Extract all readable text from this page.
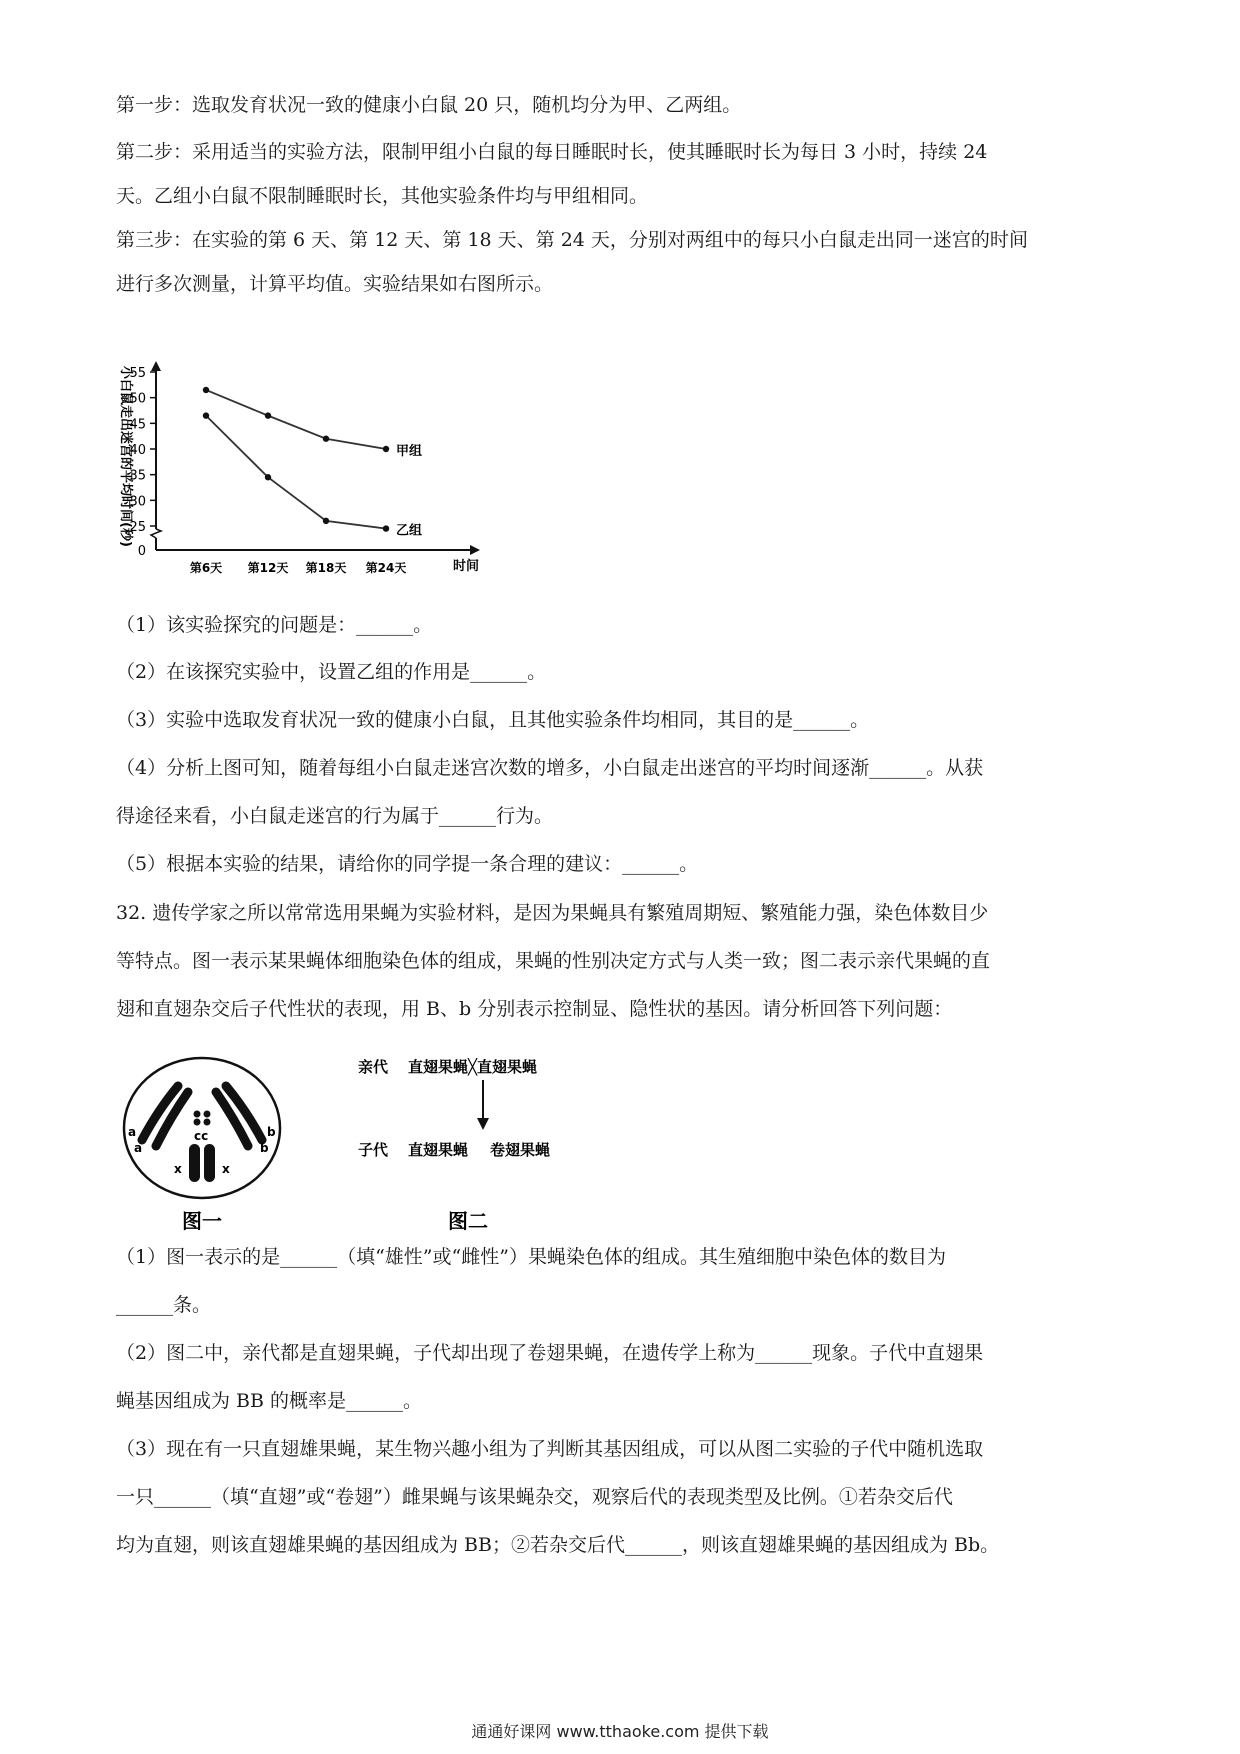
第一步：选取发育状况一致的健康小白鼠 20 只，随机均分为甲、乙两组。
第二步：采用适当的实验方法，限制甲组小白鼠的每日睡眠时长，使其睡眠时长为每日 3 小时，持续 24
天。乙组小白鼠不限制睡眠时长，其他实验条件均与甲组相同。
第三步：在实验的第 6 天、第 12 天、第 18 天、第 24 天，分别对两组中的每只小白鼠走出同一迷宫的时间
进行多次测量，计算平均值。实验结果如右图所示。
0
25
30
35
40
45
50
55
小白鼠走出迷宫的平均时间(秒)
第6天 第12天 第18天 第24天	时间
甲组
乙组
（1）该实验探究的问题是：______。
（2）在该探究实验中，设置乙组的作用是______。
（3）实验中选取发育状况一致的健康小白鼠，且其他实验条件均相同，其目的是______。
（4）分析上图可知，随着每组小白鼠走迷宫次数的增多，小白鼠走出迷宫的平均时间逐渐______。从获
得途径来看，小白鼠走迷宫的行为属于______行为。
（5）根据本实验的结果，请给你的同学提一条合理的建议：______。
32. 遗传学家之所以常常选用果蝇为实验材料，是因为果蝇具有繁殖周期短、繁殖能力强，染色体数目少
等特点。图一表示某果蝇体细胞染色体的组成，果蝇的性别决定方式与人类一致；图二表示亲代果蝇的直
翅和直翅杂交后子代性状的表现，用 B、b 分别表示控制显、隐性状的基因。请分析回答下列问题：
a
a
b
b
cc
x	x
图一
亲代 直翅果蝇╳直翅果蝇
子代 直翅果蝇 卷翅果蝇
图二
（1）图一表示的是______（填“雄性”或“雌性”）果蝇染色体的组成。其生殖细胞中染色体的数目为
______条。
（2）图二中，亲代都是直翅果蝇，子代却出现了卷翅果蝇，在遗传学上称为______现象。子代中直翅果
蝇基因组成为 BB 的概率是______。
（3）现在有一只直翅雄果蝇，某生物兴趣小组为了判断其基因组成，可以从图二实验的子代中随机选取
一只______（填“直翅”或“卷翅”）雌果蝇与该果蝇杂交，观察后代的表现类型及比例。①若杂交后代
均为直翅，则该直翅雄果蝇的基因组成为 BB；②若杂交后代______，则该直翅雄果蝇的基因组成为 Bb。
通通好课网 www.tthaoke.com 提供下载
